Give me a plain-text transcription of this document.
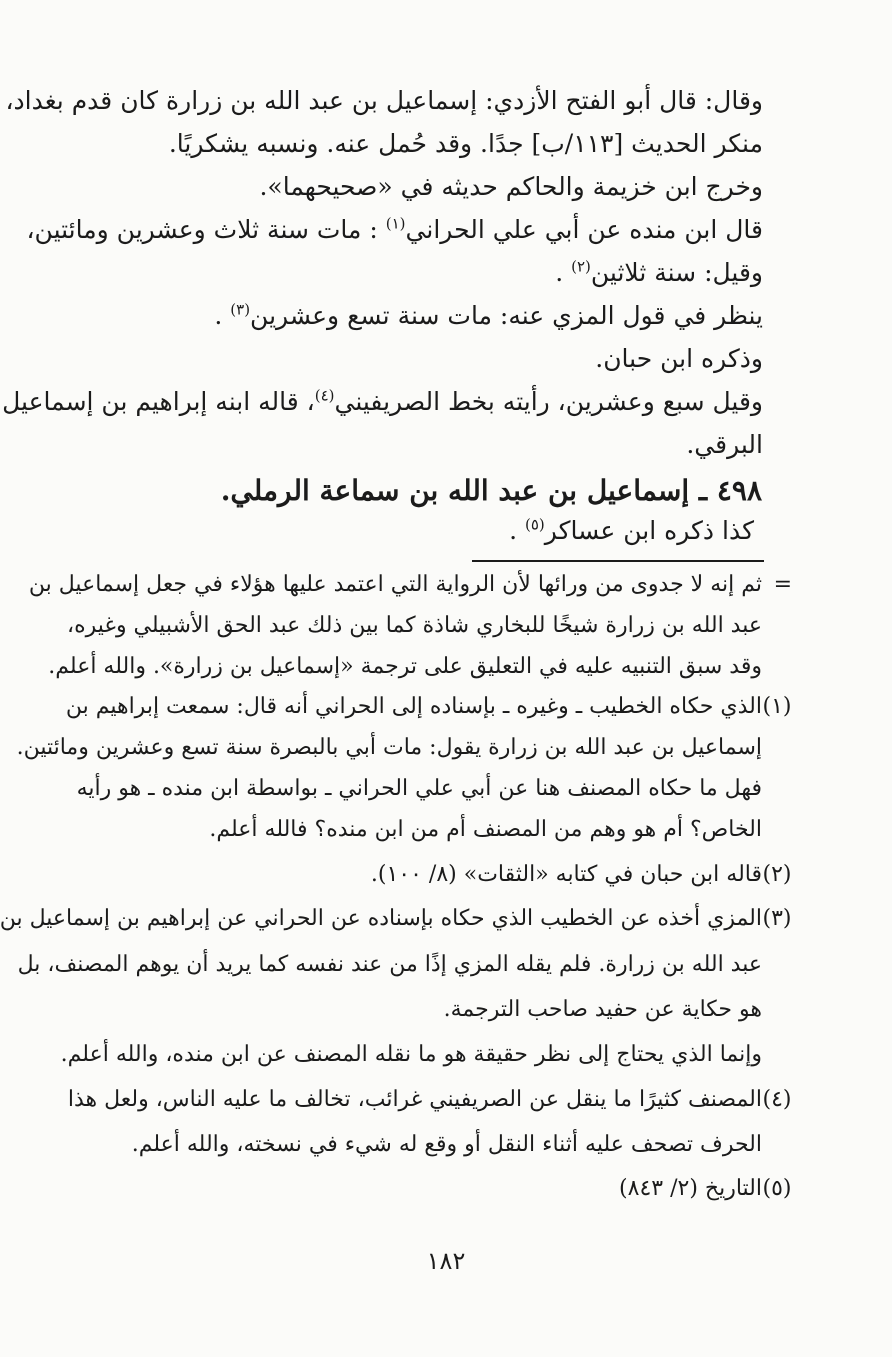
وقال: قال أبو الفتح الأزدي: إسماعيل بن عبد الله بن زرارة كان قدم بغداد،
منكر الحديث [١١٣/ب] جدًا. وقد حُمل عنه. ونسبه يشكريًا.
وخرج ابن خزيمة والحاكم حديثه في «صحيحهما».
قال ابن منده عن أبي علي الحراني$^{(١)}$ : مات سنة ثلاث وعشرين ومائتين،
وقيل: سنة ثلاثين$^{(٢)}$ .
ينظر في قول المزي عنه: مات سنة تسع وعشرين$^{(٣)}$ .
وذكره ابن حبان.
وقيل سبع وعشرين، رأيته بخط الصريفيني$^{(٤)}$، قاله ابنه إبراهيم بن إسماعيل
البرقي.
٤٩٨ ـ إسماعيل بن عبد الله بن سماعة الرملي.
كذا ذكره ابن عساكر$^{(٥)}$ .
=
ثم إنه لا جدوى من ورائها لأن الرواية التي اعتمد عليها هؤلاء في جعل إسماعيل بن
عبد الله بن زرارة شيخًا للبخاري شاذة كما بين ذلك عبد الحق الأشبيلي وغيره،
وقد سبق التنبيه عليه في التعليق على ترجمة «إسماعيل بن زرارة». والله أعلم.
(١)
الذي حكاه الخطيب ـ وغيره ـ بإسناده إلى الحراني أنه قال: سمعت إبراهيم بن
إسماعيل بن عبد الله بن زرارة يقول: مات أبي بالبصرة سنة تسع وعشرين ومائتين.
فهل ما حكاه المصنف هنا عن أبي علي الحراني ـ بواسطة ابن منده ـ هو رأيه
الخاص؟ أم هو وهم من المصنف أم من ابن منده؟ فالله أعلم.
(٢)
قاله ابن حبان في كتابه «الثقات» (٨/ ١٠٠).
(٣)
المزي أخذه عن الخطيب الذي حكاه بإسناده عن الحراني عن إبراهيم بن إسماعيل بن
عبد الله بن زرارة. فلم يقله المزي إذًا من عند نفسه كما يريد أن يوهم المصنف، بل
هو حكاية عن حفيد صاحب الترجمة.
وإنما الذي يحتاج إلى نظر حقيقة هو ما نقله المصنف عن ابن منده، والله أعلم.
(٤)
المصنف كثيرًا ما ينقل عن الصريفيني غرائب، تخالف ما عليه الناس، ولعل هذا
الحرف تصحف عليه أثناء النقل أو وقع له شيء في نسخته، والله أعلم.
(٥)
التاريخ (٢/ ٨٤٣)
١٨٢
